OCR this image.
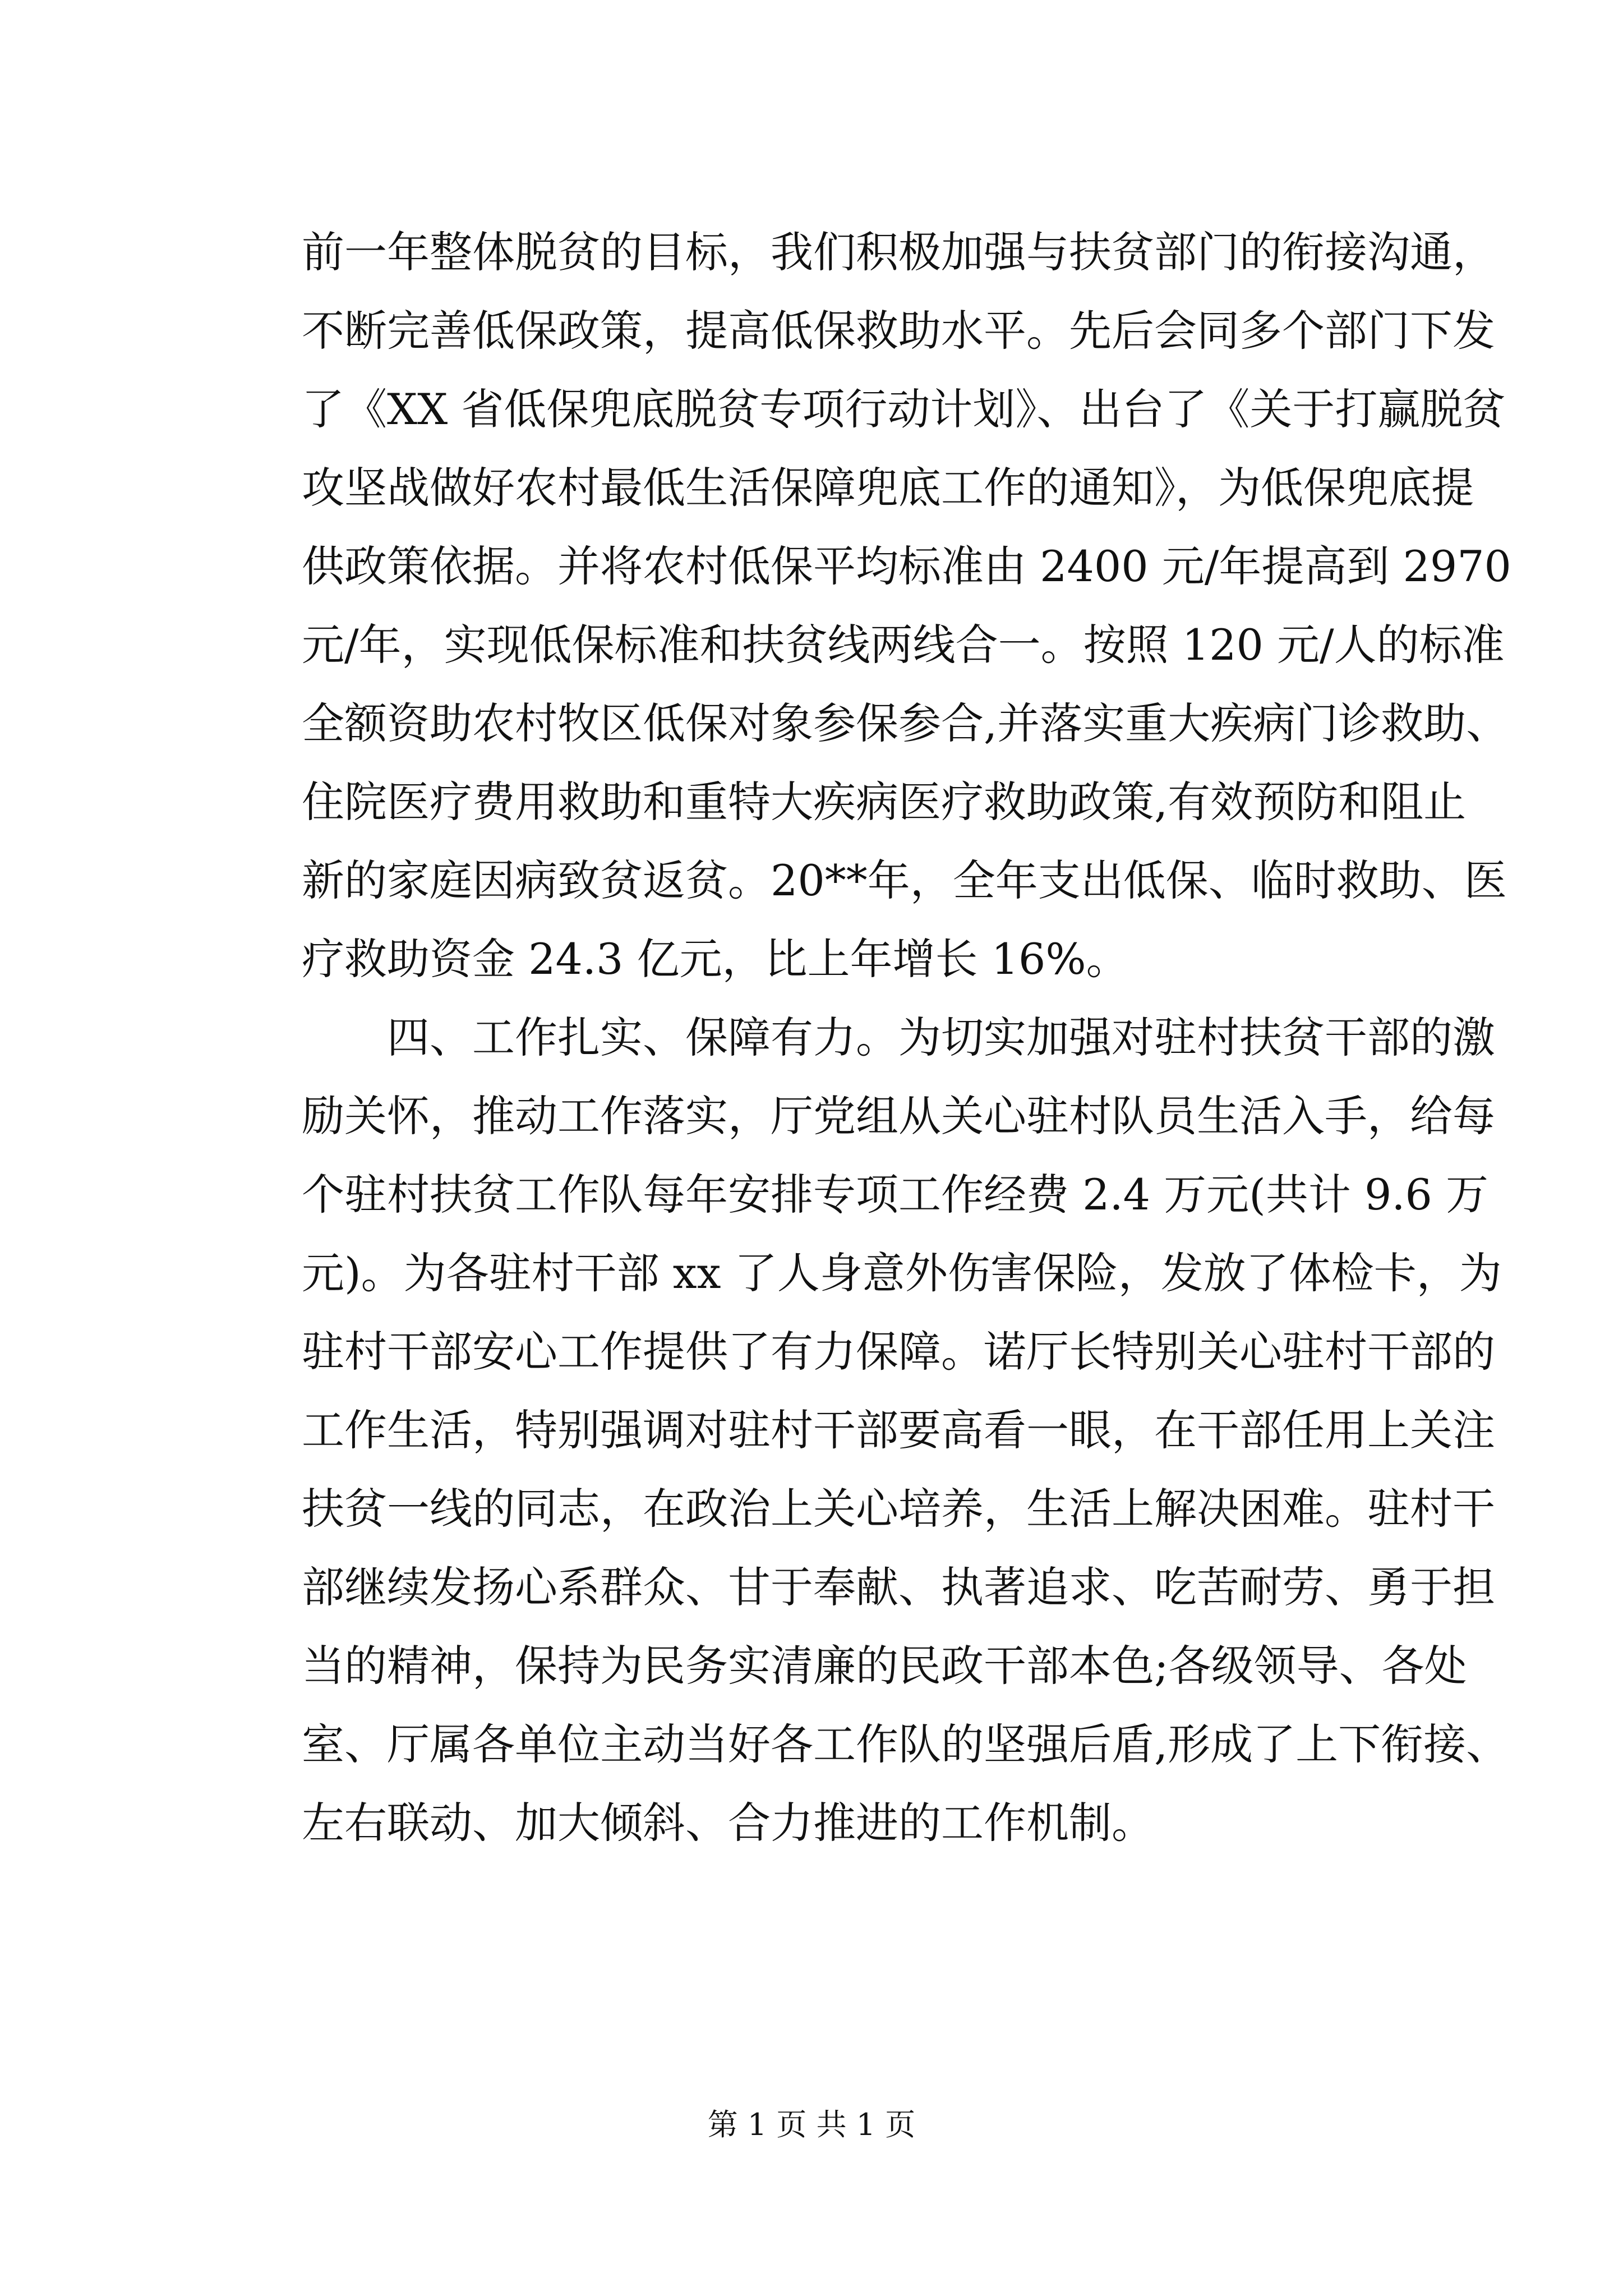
前一年整体脱贫的目标，我们积极加强与扶贫部门的衔接沟通，
不断完善低保政策，提高低保救助水平。先后会同多个部门下发
了《XX 省低保兜底脱贫专项行动计划》、出台了《关于打赢脱贫
攻坚战做好农村最低生活保障兜底工作的通知》，为低保兜底提
供政策依据。并将农村低保平均标准由 2400 元/年提高到 2970
元/年，实现低保标准和扶贫线两线合一。按照 120 元/人的标准
全额资助农村牧区低保对象参保参合,并落实重大疾病门诊救助、
住院医疗费用救助和重特大疾病医疗救助政策,有效预防和阻止
新的家庭因病致贫返贫。20**年，全年支出低保、临时救助、医
疗救助资金 24.3 亿元，比上年增长 16%。
　　四、工作扎实、保障有力。为切实加强对驻村扶贫干部的激
励关怀，推动工作落实，厅党组从关心驻村队员生活入手，给每
个驻村扶贫工作队每年安排专项工作经费 2.4 万元(共计 9.6 万
元)。为各驻村干部 xx 了人身意外伤害保险，发放了体检卡，为
驻村干部安心工作提供了有力保障。诺厅长特别关心驻村干部的
工作生活，特别强调对驻村干部要高看一眼，在干部任用上关注
扶贫一线的同志，在政治上关心培养，生活上解决困难。驻村干
部继续发扬心系群众、甘于奉献、执著追求、吃苦耐劳、勇于担
当的精神，保持为民务实清廉的民政干部本色;各级领导、各处
室、厅属各单位主动当好各工作队的坚强后盾,形成了上下衔接、
左右联动、加大倾斜、合力推进的工作机制。
第 1 页 共 1 页
